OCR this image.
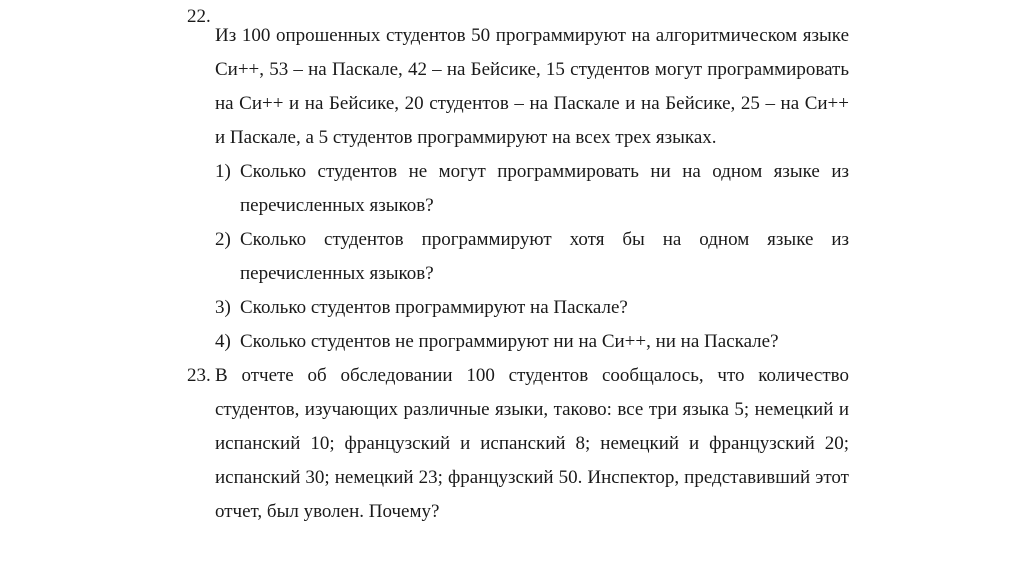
22.
Из 100 опрошенных студентов 50 программируют на алгоритмическом языке Си++, 53 – на Паскале, 42 – на Бейсике, 15 студентов могут программировать на Си++ и на Бейсике, 20 студентов – на Паскале и на Бейсике, 25 – на Си++ и Паскале, а 5 студентов программируют на всех трех языках.
1) Сколько студентов не могут программировать ни на одном языке из перечисленных языков?
2) Сколько студентов программируют хотя бы на одном языке из перечисленных языков?
3) Сколько студентов программируют на Паскале?
4) Сколько студентов не программируют ни на Си++, ни на Паскале?
23. В отчете об обследовании 100 студентов сообщалось, что количество студентов, изучающих различные языки, таково: все три языка 5; немецкий и испанский 10; французский и испанский 8; немецкий и французский 20; испанский 30; немецкий 23; французский 50. Инспектор, представивший этот отчет, был уволен. Почему?
